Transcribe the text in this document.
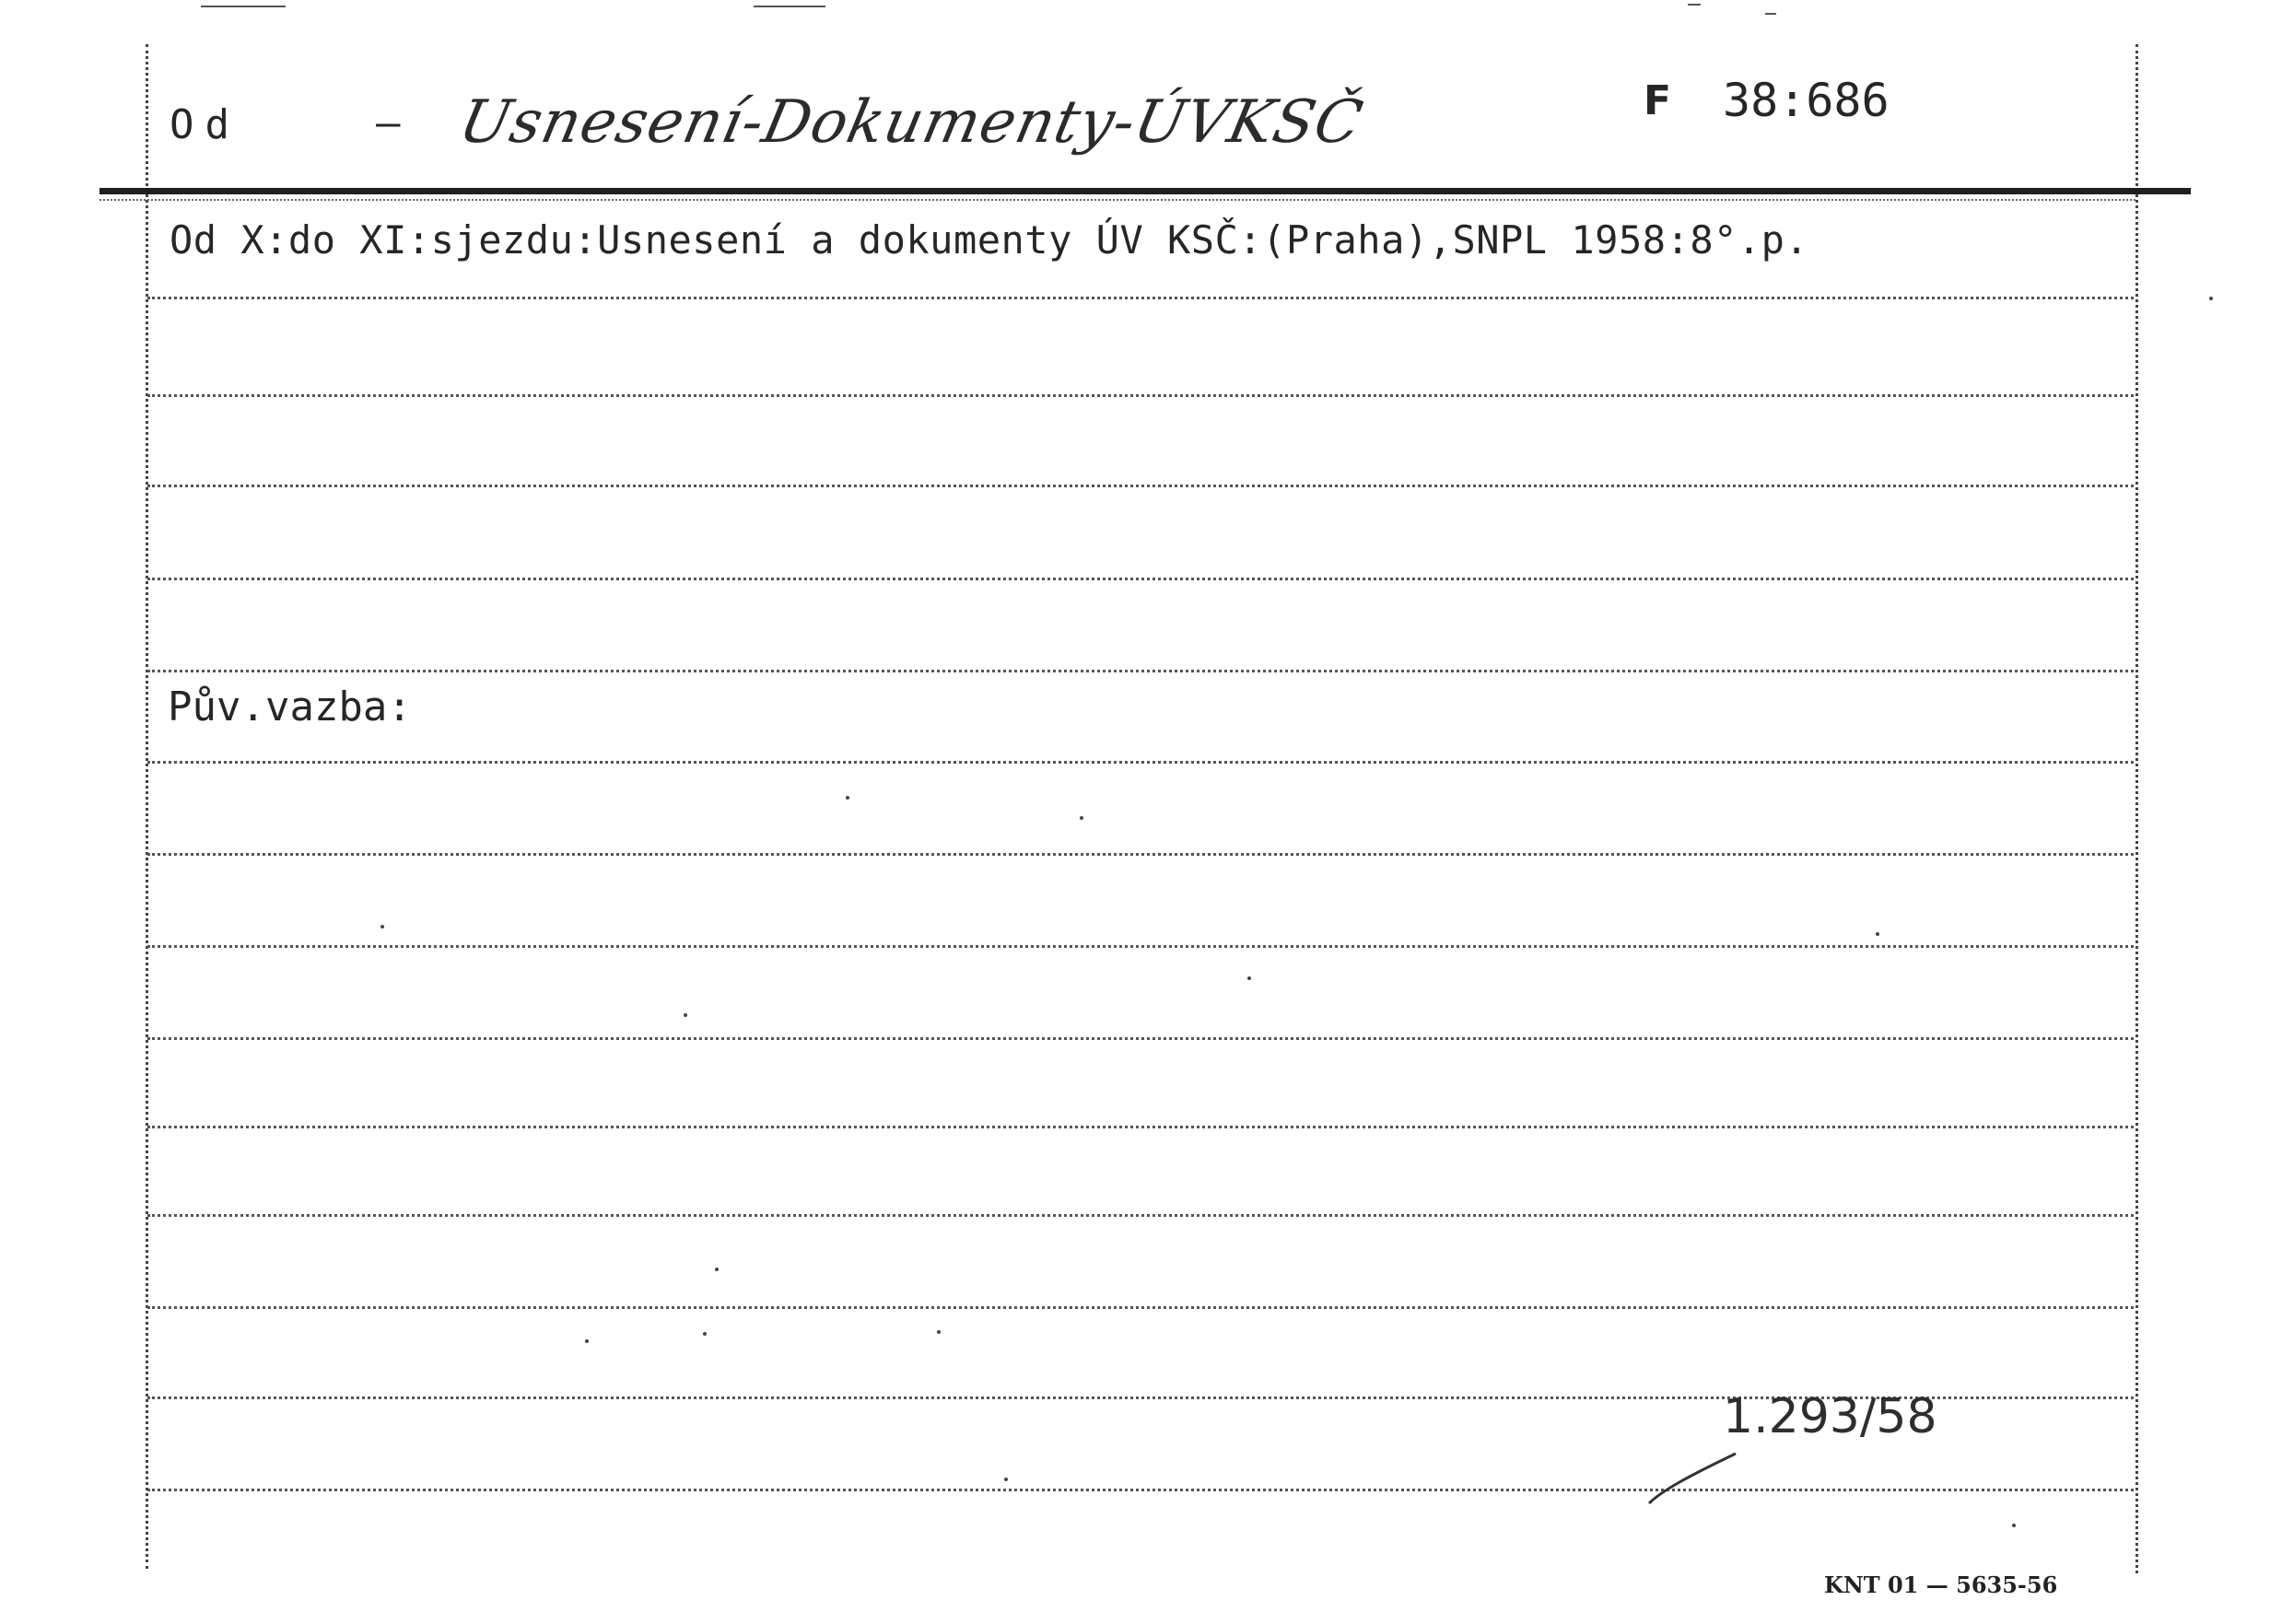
Od	– Usnesení-Dokumenty-ÚVKSČ	F 38:686
Od X:do XI:sjezdu:Usnesení a dokumenty ÚV KSČ:(Praha),SNPL 1958:8°.p.
Pův.vazba:
1.293/58
KNT 01 — 5635-56
